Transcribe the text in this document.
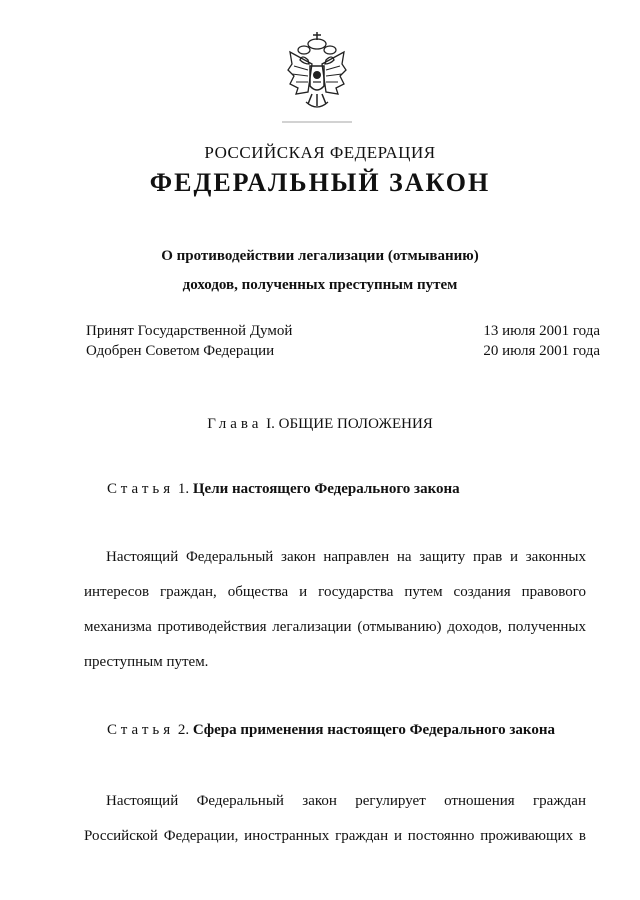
РОССИЙСКАЯ ФЕДЕРАЦИЯ
ФЕДЕРАЛЬНЫЙ ЗАКОН
О противодействии легализации (отмыванию)
доходов, полученных преступным путем
Принят Государственной Думой
Одобрен Советом Федерации
13 июля 2001 года
20 июля 2001 года
Глава I. ОБЩИЕ ПОЛОЖЕНИЯ
Статья 1. Цели настоящего Федерального закона
Настоящий Федеральный закон направлен на защиту прав и законных интересов граждан, общества и государства путем создания правового механизма противодействия легализации (отмыванию) доходов, полученных преступным путем.
Статья 2. Сфера применения настоящего Федерального закона
Настоящий Федеральный закон регулирует отношения граждан Российской Федерации, иностранных граждан и постоянно проживающих в
